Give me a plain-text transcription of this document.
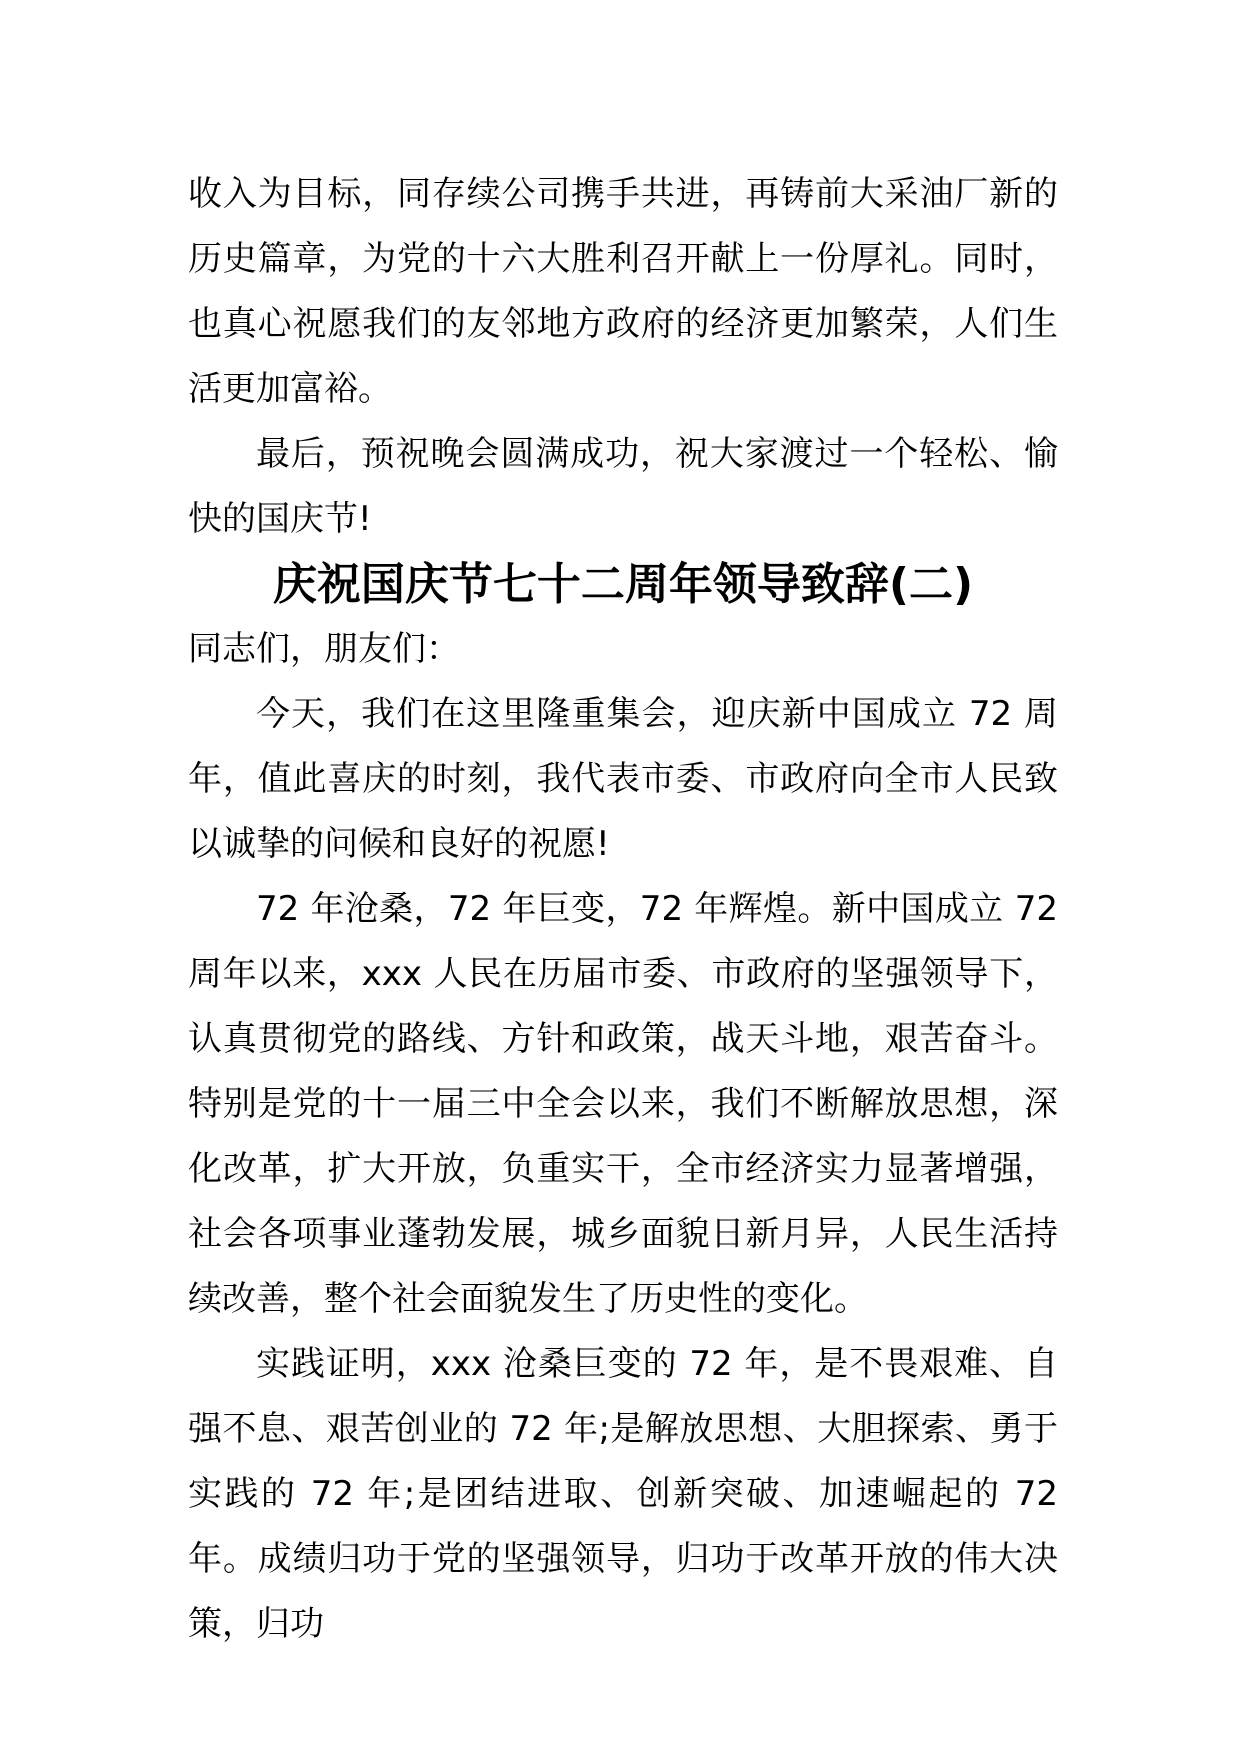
收入为目标，同存续公司携手共进，再铸前大采油厂新的历史篇章，为党的十六大胜利召开献上一份厚礼。同时，也真心祝愿我们的友邻地方政府的经济更加繁荣，人们生活更加富裕。

最后，预祝晚会圆满成功，祝大家渡过一个轻松、愉快的国庆节!

庆祝国庆节七十二周年领导致辞(二)

同志们，朋友们：

今天，我们在这里隆重集会，迎庆新中国成立 72 周年，值此喜庆的时刻，我代表市委、市政府向全市人民致以诚挚的问候和良好的祝愿!

72 年沧桑，72 年巨变，72 年辉煌。新中国成立 72 周年以来，xxx 人民在历届市委、市政府的坚强领导下，认真贯彻党的路线、方针和政策，战天斗地，艰苦奋斗。特别是党的十一届三中全会以来，我们不断解放思想，深化改革，扩大开放，负重实干，全市经济实力显著增强，社会各项事业蓬勃发展，城乡面貌日新月异，人民生活持续改善，整个社会面貌发生了历史性的变化。

实践证明，xxx 沧桑巨变的 72 年，是不畏艰难、自强不息、艰苦创业的 72 年;是解放思想、大胆探索、勇于实践的 72 年;是团结进取、创新突破、加速崛起的 72 年。成绩归功于党的坚强领导，归功于改革开放的伟大决策，归功
